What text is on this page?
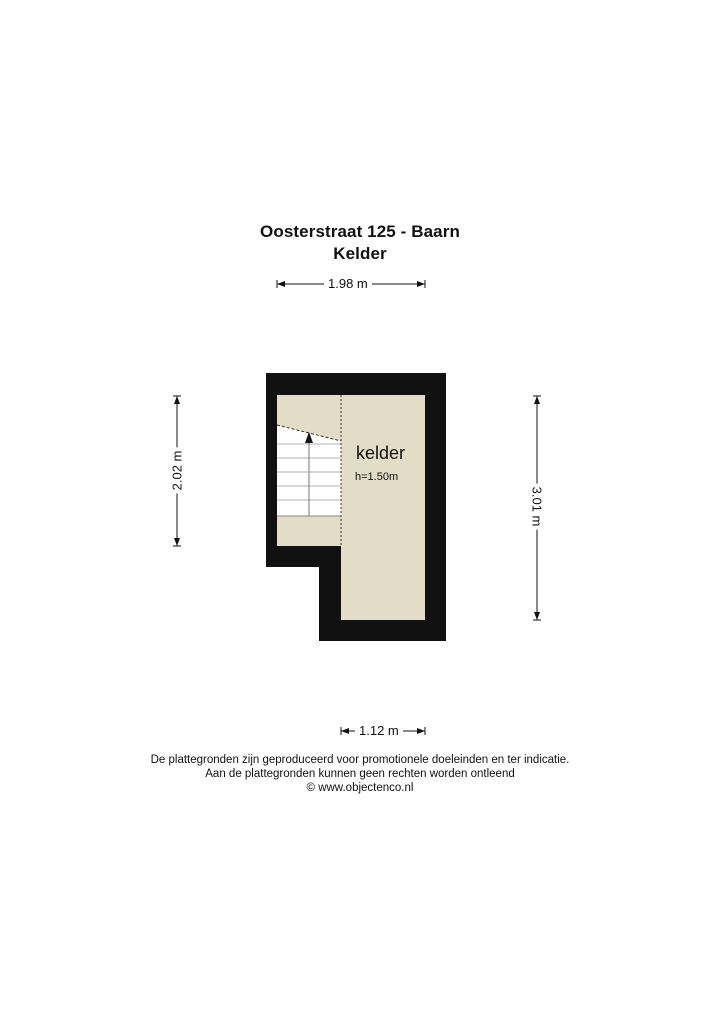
Oosterstraat 125 - Baarn
Kelder
1.98 m
2.02 m
3.01 m
1.12 m
kelder
h=1.50m
De plattegronden zijn geproduceerd voor promotionele doeleinden en ter indicatie.
Aan de plattegronden kunnen geen rechten worden ontleend
© www.objectenco.nl
